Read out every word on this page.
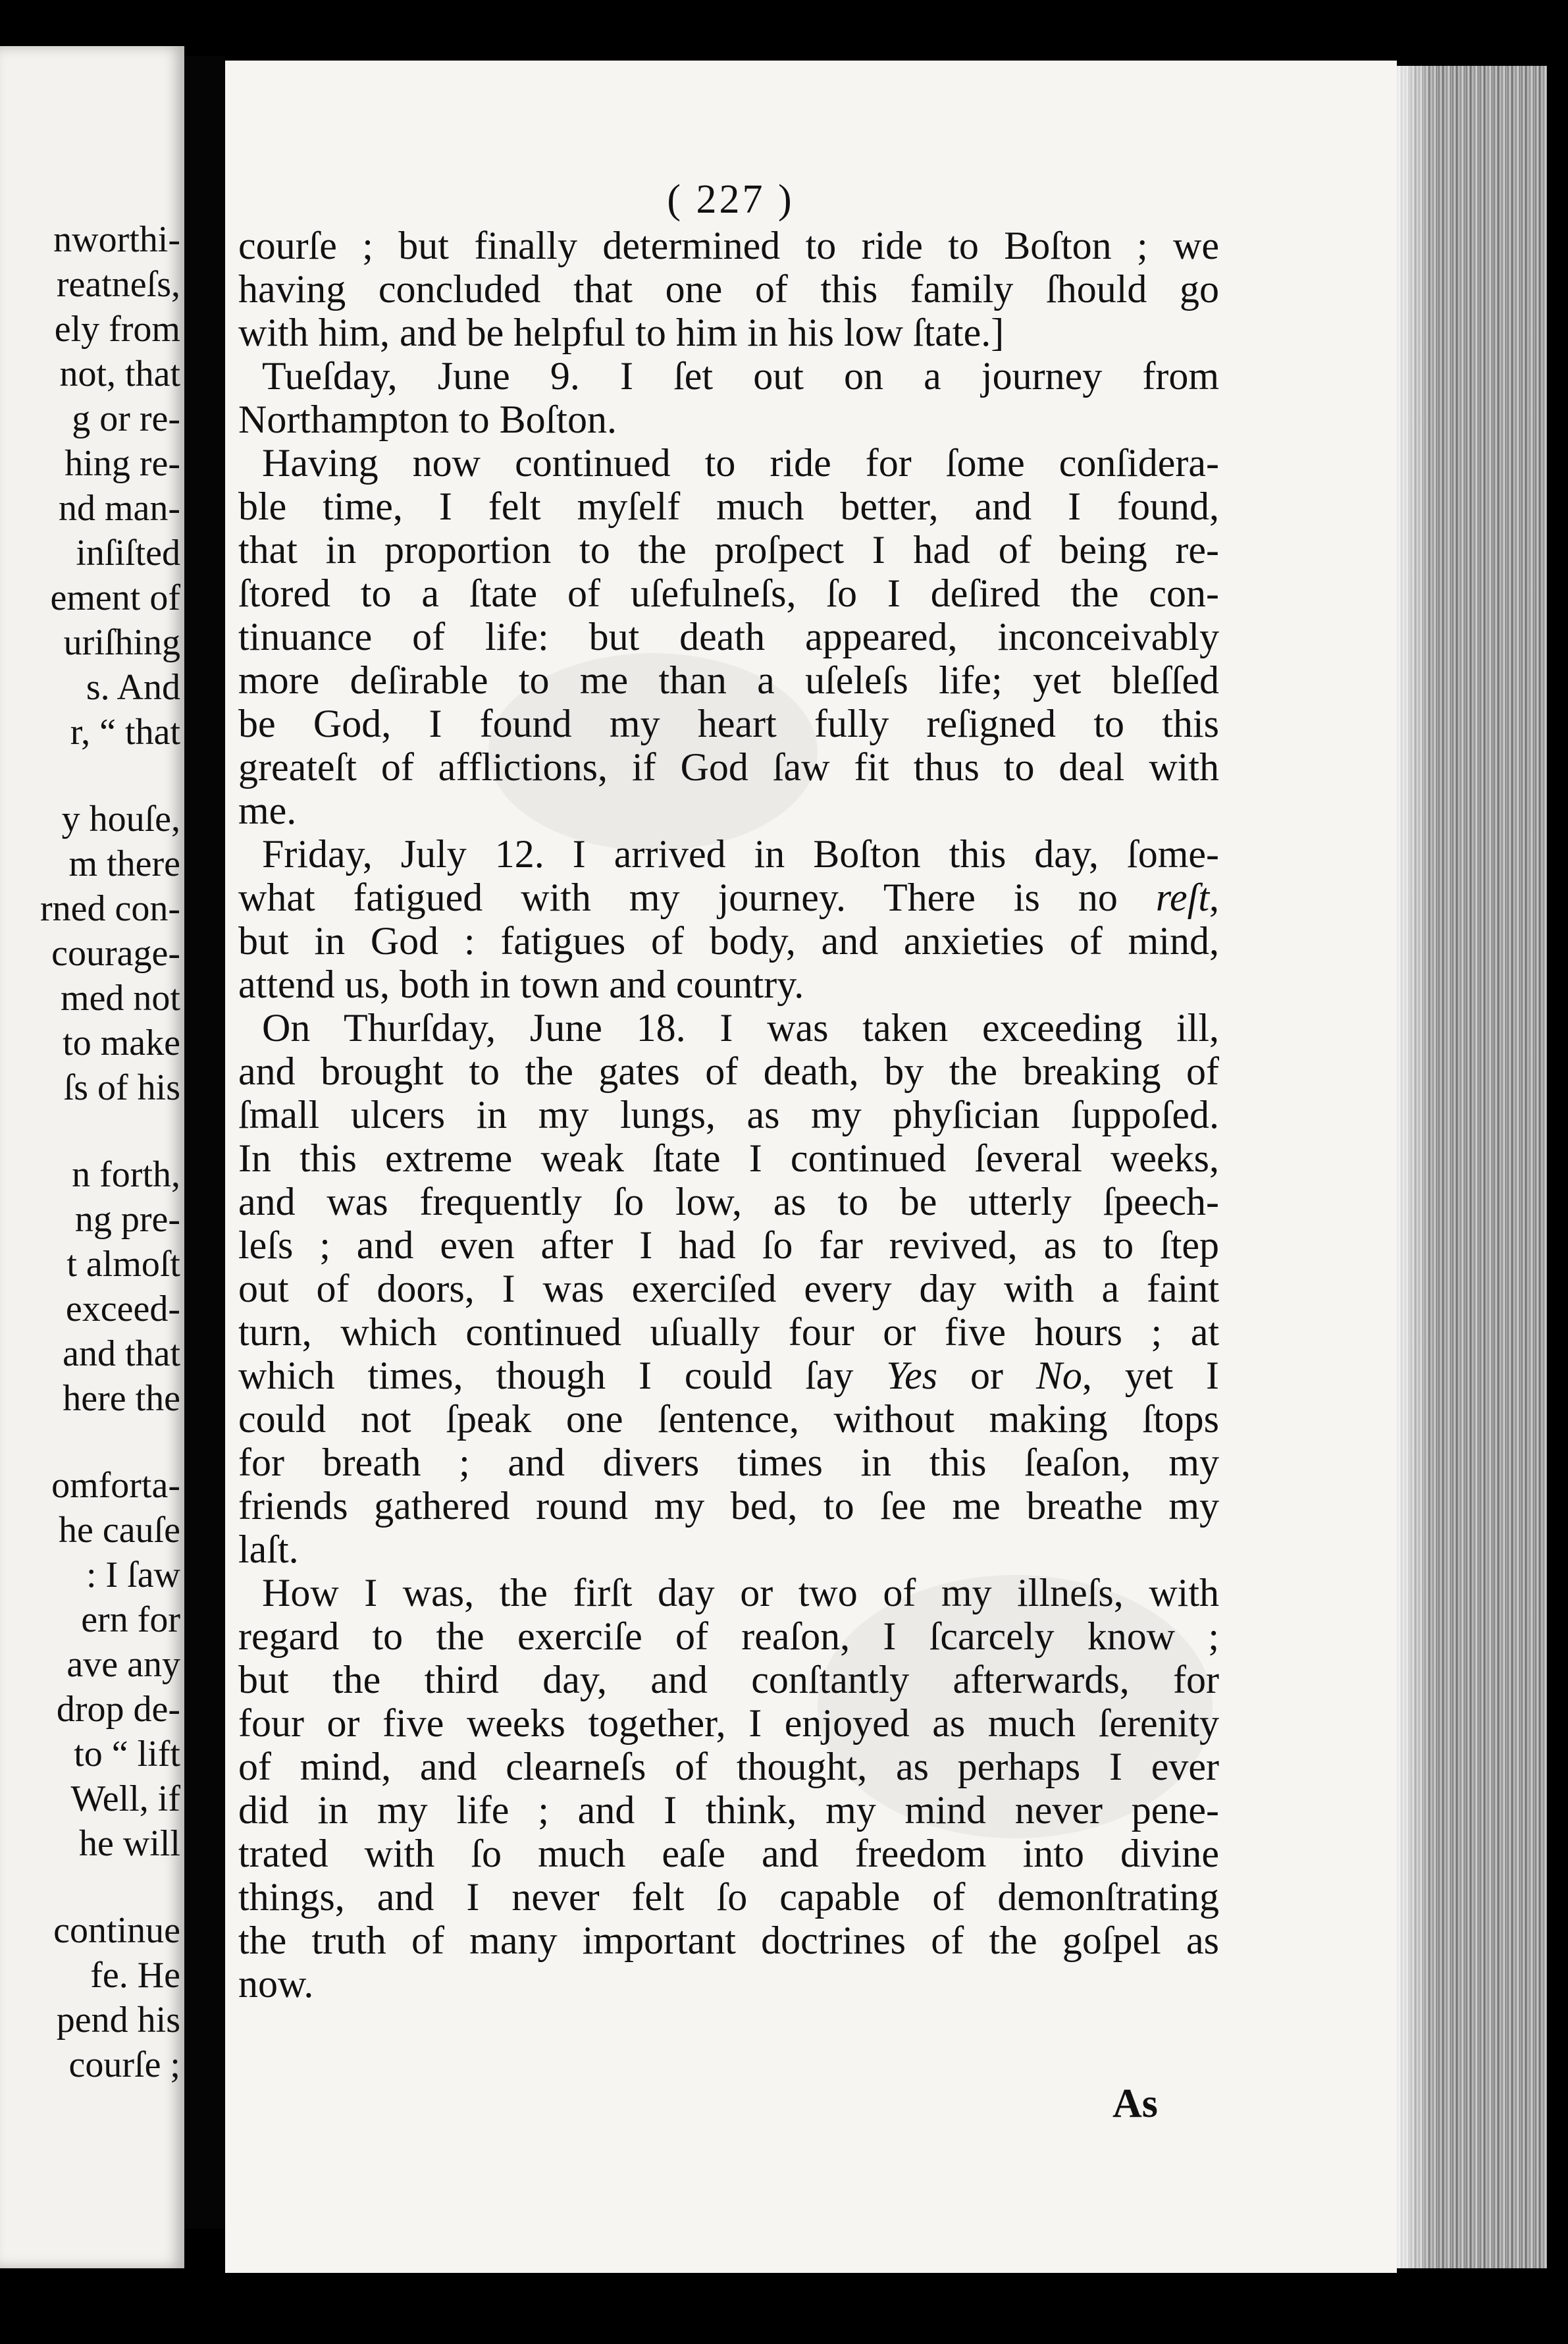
nworthi-
reatneſs,
ely from
not, that
g or re-
hing re-
nd man-
inſiſted
ement of
uriſhing
s. And
r, “ that
y houſe,
m there
rned con-
courage-
med not
to make
ſs of his
n forth,
ng pre-
t almoſt
exceed-
and that
here the
omforta-
he cauſe
: I ſaw
ern for
ave any
drop de-
to “ lift
Well, if
he will
continue
fe. He
pend his
courſe ;
( 227 )
courſe ; but finally determined to ride to Boſton ; we
having concluded that one of this family ſhould go
with him, and be helpful to him in his low ſtate.]
Tueſday, June 9. I ſet out on a journey from
Northampton to Boſton.
Having now continued to ride for ſome conſidera-
ble time, I felt myſelf much better, and I found,
that in proportion to the proſpect I had of being re-
ſtored to a ſtate of uſefulneſs, ſo I deſired the con-
tinuance of life: but death appeared, inconceivably
more deſirable to me than a uſeleſs life; yet bleſſed
be God, I found my heart fully reſigned to this
greateſt of afflictions, if God ſaw fit thus to deal with
me.
Friday, July 12. I arrived in Boſton this day, ſome-
what fatigued with my journey. There is no reſt,
but in God : fatigues of body, and anxieties of mind,
attend us, both in town and country.
On Thurſday, June 18. I was taken exceeding ill,
and brought to the gates of death, by the breaking of
ſmall ulcers in my lungs, as my phyſician ſuppoſed.
In this extreme weak ſtate I continued ſeveral weeks,
and was frequently ſo low, as to be utterly ſpeech-
leſs ; and even after I had ſo far revived, as to ſtep
out of doors, I was exerciſed every day with a faint
turn, which continued uſually four or five hours ; at
which times, though I could ſay Yes or No, yet I
could not ſpeak one ſentence, without making ſtops
for breath ; and divers times in this ſeaſon, my
friends gathered round my bed, to ſee me breathe my
laſt.
How I was, the firſt day or two of my illneſs, with
regard to the exerciſe of reaſon, I ſcarcely know ;
but the third day, and conſtantly afterwards, for
four or five weeks together, I enjoyed as much ſerenity
of mind, and clearneſs of thought, as perhaps I ever
did in my life ; and I think, my mind never pene-
trated with ſo much eaſe and freedom into divine
things, and I never felt ſo capable of demonſtrating
the truth of many important doctrines of the goſpel as
now.
As
